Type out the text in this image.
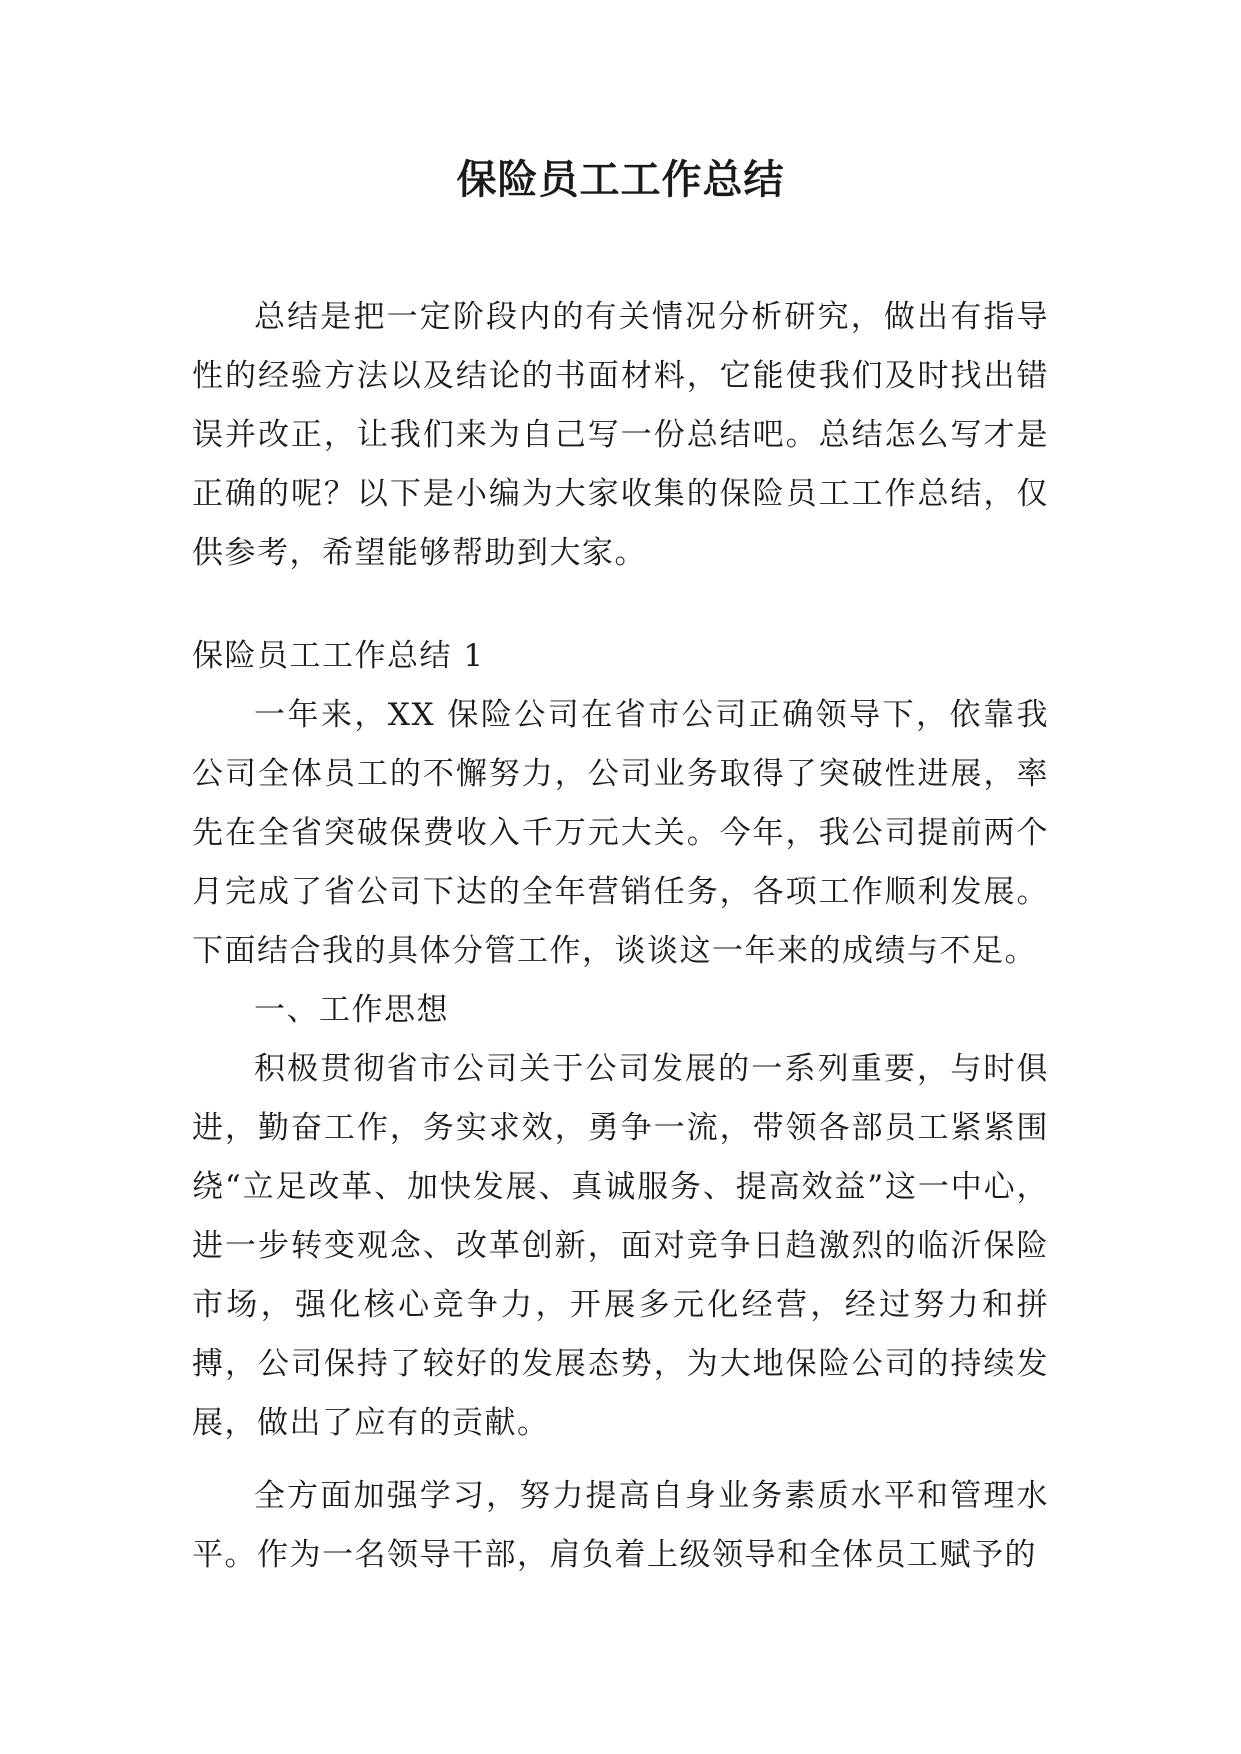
保险员工工作总结

总结是把一定阶段内的有关情况分析研究，做出有指导性的经验方法以及结论的书面材料，它能使我们及时找出错误并改正，让我们来为自己写一份总结吧。总结怎么写才是正确的呢？以下是小编为大家收集的保险员工工作总结，仅供参考，希望能够帮助到大家。

保险员工工作总结 1

一年来，XX 保险公司在省市公司正确领导下，依靠我公司全体员工的不懈努力，公司业务取得了突破性进展，率先在全省突破保费收入千万元大关。今年，我公司提前两个月完成了省公司下达的全年营销任务，各项工作顺利发展。下面结合我的具体分管工作，谈谈这一年来的成绩与不足。

一、工作思想

积极贯彻省市公司关于公司发展的一系列重要，与时俱进，勤奋工作，务实求效，勇争一流，带领各部员工紧紧围绕“立足改革、加快发展、真诚服务、提高效益”这一中心，进一步转变观念、改革创新，面对竞争日趋激烈的临沂保险市场，强化核心竞争力，开展多元化经营，经过努力和拼搏，公司保持了较好的发展态势，为大地保险公司的持续发展，做出了应有的贡献。

全方面加强学习，努力提高自身业务素质水平和管理水平。作为一名领导干部，肩负着上级领导和全体员工赋予的
